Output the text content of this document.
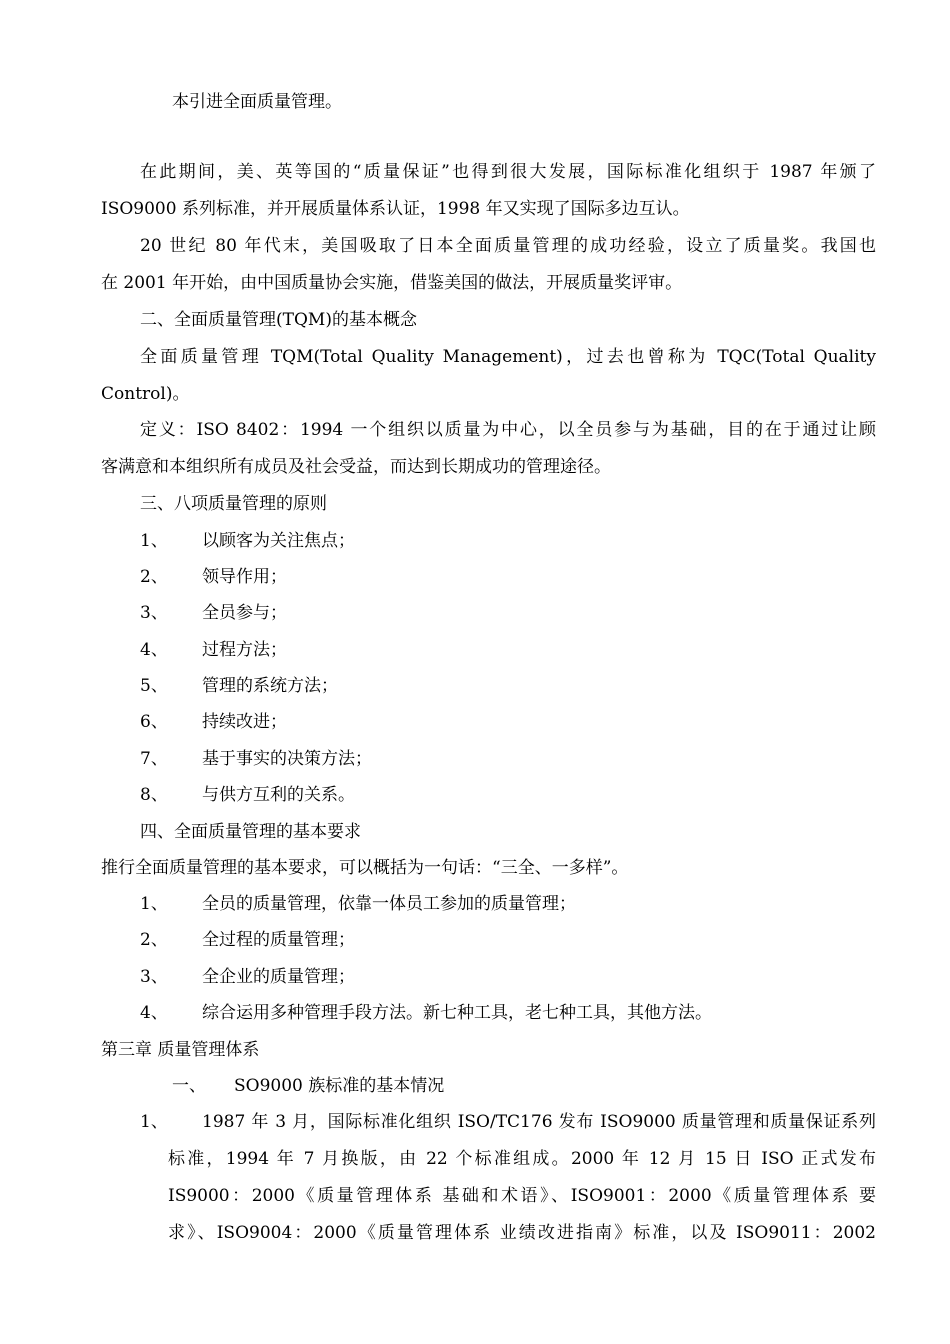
本引进全面质量管理。
在此期间，美、英等国的“质量保证”也得到很大发展，国际标准化组织于 1987 年颁了
ISO9000 系列标准，并开展质量体系认证，1998 年又实现了国际多边互认。
20 世纪 80 年代末，美国吸取了日本全面质量管理的成功经验，设立了质量奖。我国也
在 2001 年开始，由中国质量协会实施，借鉴美国的做法，开展质量奖评审。
二、全面质量管理(TQM)的基本概念
全面质量管理 TQM(Total Quality Management)，过去也曾称为 TQC(Total Quality
Control)。
定义：ISO 8402：1994 一个组织以质量为中心，以全员参与为基础，目的在于通过让顾
客满意和本组织所有成员及社会受益，而达到长期成功的管理途径。
三、八项质量管理的原则
1、 以顾客为关注焦点；
2、 领导作用；
3、 全员参与；
4、 过程方法；
5、 管理的系统方法；
6、 持续改进；
7、 基于事实的决策方法；
8、 与供方互利的关系。
四、全面质量管理的基本要求
推行全面质量管理的基本要求，可以概括为一句话：“三全、一多样”。
1、 全员的质量管理，依靠一体员工参加的质量管理；
2、 全过程的质量管理；
3、 全企业的质量管理；
4、 综合运用多种管理手段方法。新七种工具，老七种工具，其他方法。
第三章 质量管理体系
一、 SO9000 族标准的基本情况
1、 1987 年 3 月，国际标准化组织 ISO/TC176 发布 ISO9000 质量管理和质量保证系列
标准，1994 年 7 月换版，由 22 个标准组成。2000 年 12 月 15 日 ISO 正式发布
IS9000：2000《质量管理体系 基础和术语》、ISO9001：2000《质量管理体系 要
求》、ISO9004：2000《质量管理体系 业绩改进指南》标准，以及 ISO9011：2002
